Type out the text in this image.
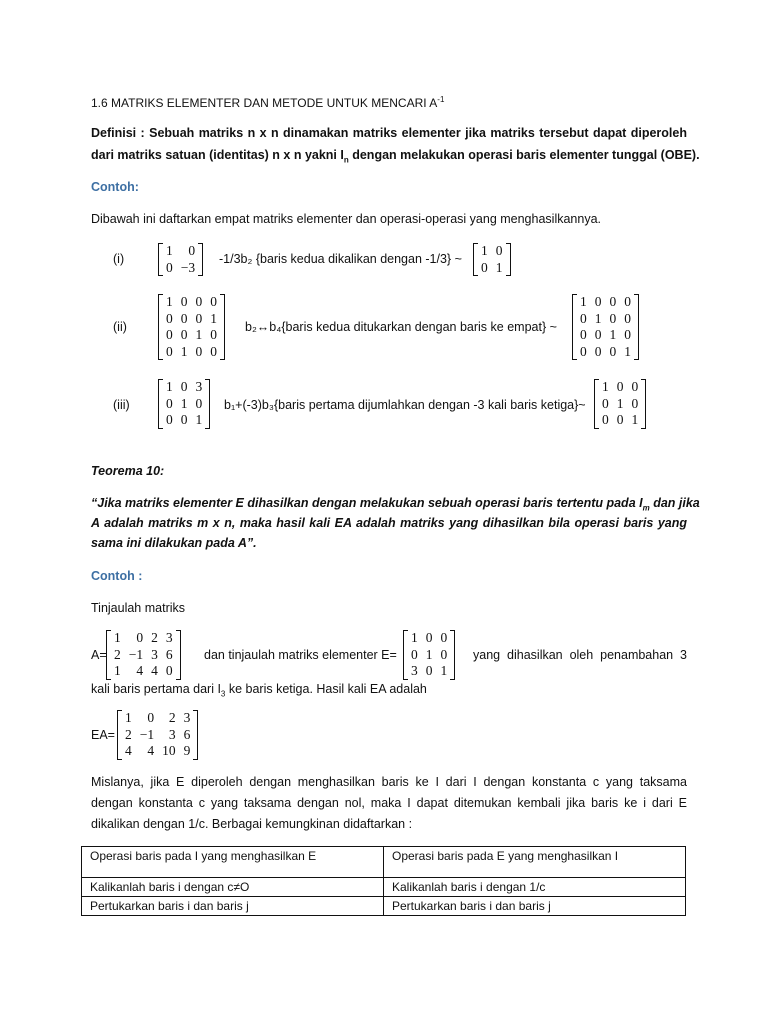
1.6 MATRIKS ELEMENTER DAN METODE UNTUK MENCARI $A^{-1}$
Definisi : Sebuah matriks n x n dinamakan matriks elementer jika matriks tersebut dapat diperoleh
dari matriks satuan (identitas) n x n yakni $I_n$ dengan melakukan operasi baris elementer tunggal (OBE).
Contoh:
Dibawah ini daftarkan empat matriks elementer dan operasi-operasi yang menghasilkannya.
(i)
1	0
0	−3
-1/3b₂ {baris kedua dikalikan dengan -1/3} ~
1	0
0	1
(ii)
1	0	0	0
0	0	0	1
0	0	1	0
0	1	0	0
b₂↔b₄{baris kedua ditukarkan dengan baris ke empat} ~
1	0	0	0
0	1	0	0
0	0	1	0
0	0	0	1
(iii)
1	0	3
0	1	0
0	0	1
b₁+(-3)b₃{baris pertama dijumlahkan dengan -3 kali baris ketiga}~
1	0	0
0	1	0
0	0	1
Teorema 10:
“Jika matriks elementer E dihasilkan dengan melakukan sebuah operasi baris tertentu pada $I_m$ dan jika
A adalah matriks m x n, maka hasil kali EA adalah matriks yang dihasilkan bila operasi baris yang
sama ini dilakukan pada A”.
Contoh :
Tinjaulah matriks
A=
1	0	2	3
2	−1	3	6
1	4	4	0
dan tinjaulah matriks elementer E=
1	0	0
0	1	0
3	0	1
yang dihasilkan oleh penambahan 3
kali baris pertama dari $I_3$ ke baris ketiga. Hasil kali EA adalah
EA=
1	0	2	3
2	−1	3	6
4	4	10	9
Mislanya, jika E diperoleh dengan menghasilkan baris ke I dari I dengan konstanta c yang taksama
dengan konstanta c yang taksama dengan nol, maka I dapat ditemukan kembali jika baris ke i dari E
dikalikan dengan 1/c. Berbagai kemungkinan didaftarkan :
Operasi baris pada I yang menghasilkan E	Operasi baris pada E yang menghasilkan I
Kalikanlah baris i dengan c≠O	Kalikanlah baris i dengan 1/c
Pertukarkan baris i dan baris j	Pertukarkan baris i dan baris j
